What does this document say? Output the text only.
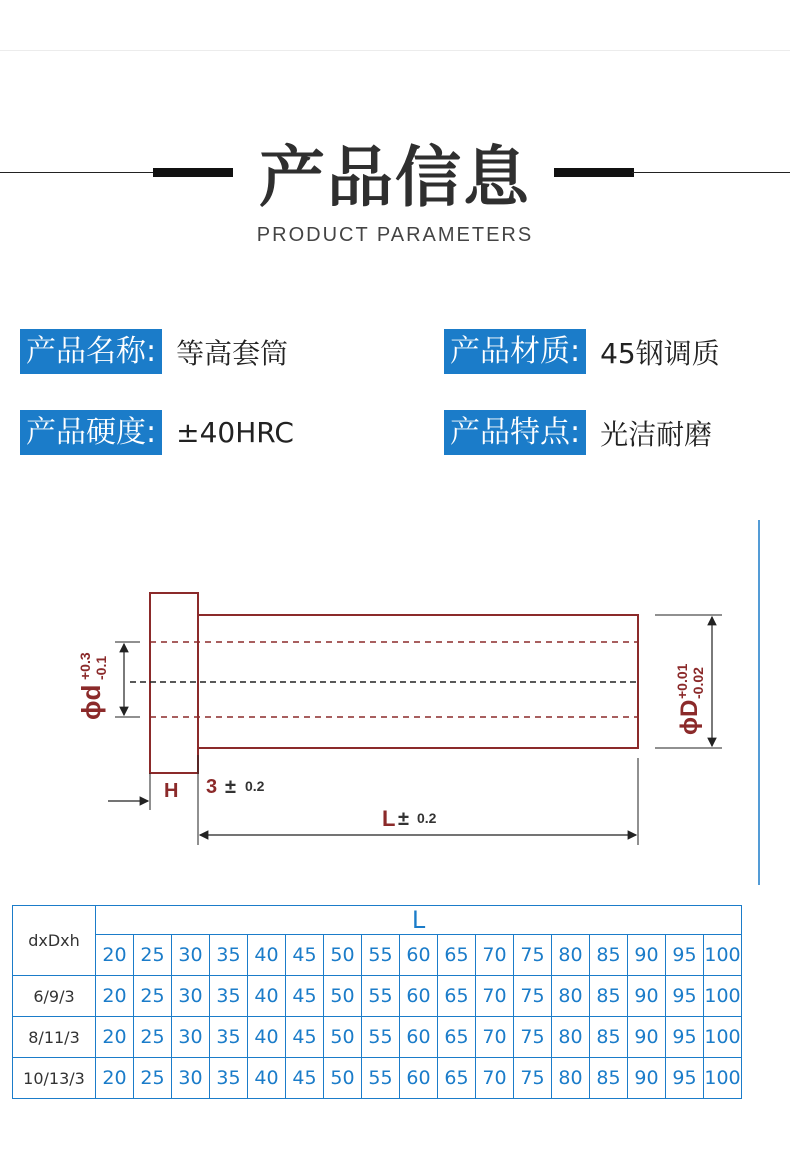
产品信息
PRODUCT PARAMETERS
产品名称: 等高套筒	产品材质: 45钢调质
产品硬度: ±40HRC	产品特点: 光洁耐磨
ϕd
+0.3 -0.1
ϕD
+0.01 -0.02
H 3 ± 0.2
L ± 0.2
dxDxh	L																
	20	25	30	35	40	45	50	55	60	65	70	75	80	85	90	95	100
6/9/3	20	25	30	35	40	45	50	55	60	65	70	75	80	85	90	95	100
8/11/3	20	25	30	35	40	45	50	55	60	65	70	75	80	85	90	95	100
10/13/3	20	25	30	35	40	45	50	55	60	65	70	75	80	85	90	95	100
